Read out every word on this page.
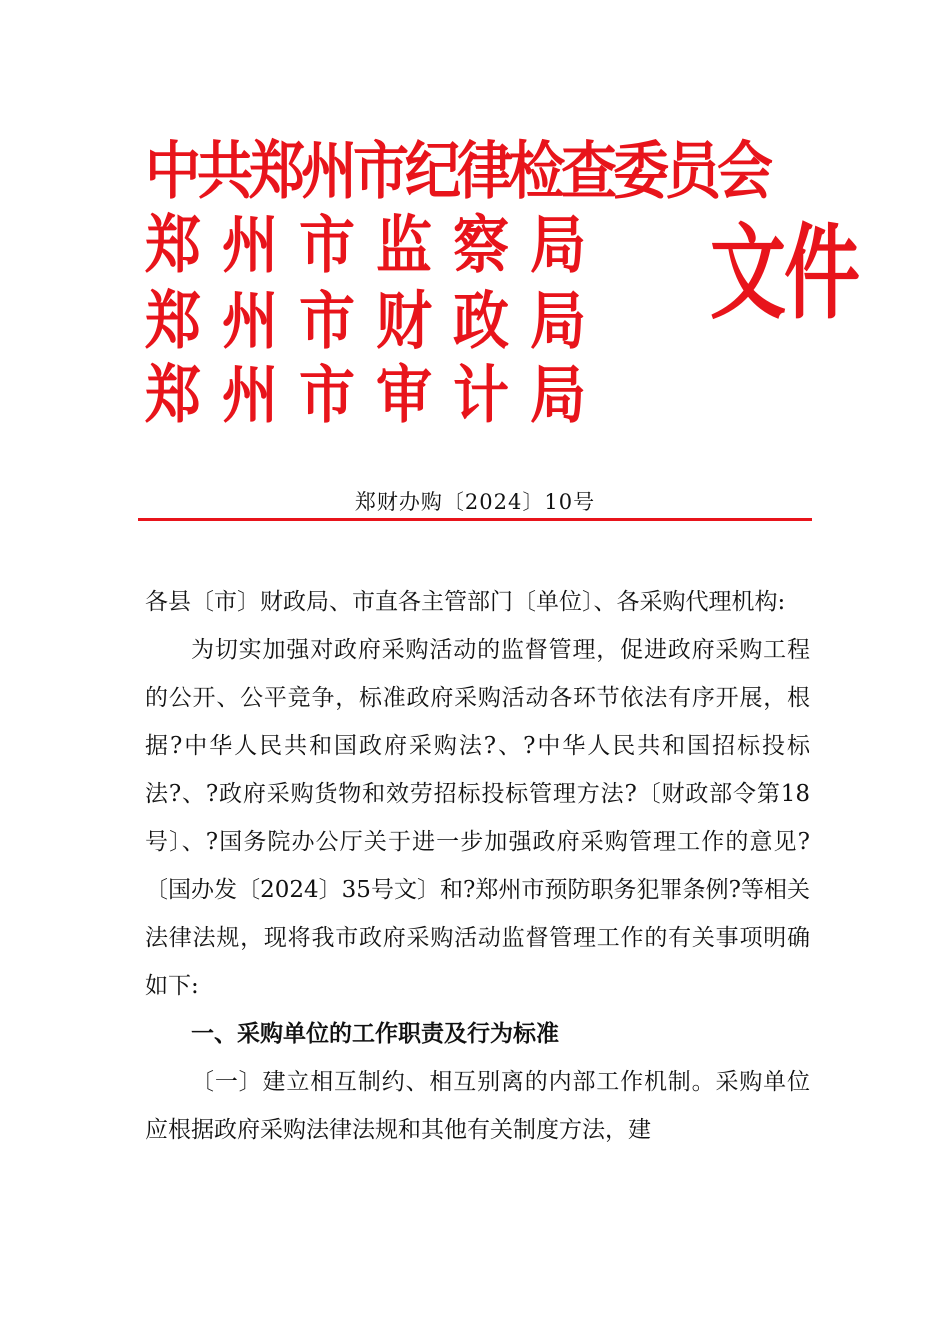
中共郑州市纪律检查委员会
郑州市监察局
郑州市财政局
郑州市审计局
文件
郑财办购〔2024〕10号

各县〔市〕财政局、市直各主管部门〔单位〕、各采购代理机构:

为切实加强对政府采购活动的监督管理，促进政府采购工程的公开、公平竞争，标准政府采购活动各环节依法有序开展，根据?中华人民共和国政府采购法?、?中华人民共和国招标投标法?、?政府采购货物和效劳招标投标管理方法?〔财政部令第18号〕、?国务院办公厅关于进一步加强政府采购管理工作的意见?〔国办发〔2024〕35号文〕和?郑州市预防职务犯罪条例?等相关法律法规，现将我市政府采购活动监督管理工作的有关事项明确如下:

一、采购单位的工作职责及行为标准

〔一〕建立相互制约、相互别离的内部工作机制。采购单位应根据政府采购法律法规和其他有关制度方法，建
